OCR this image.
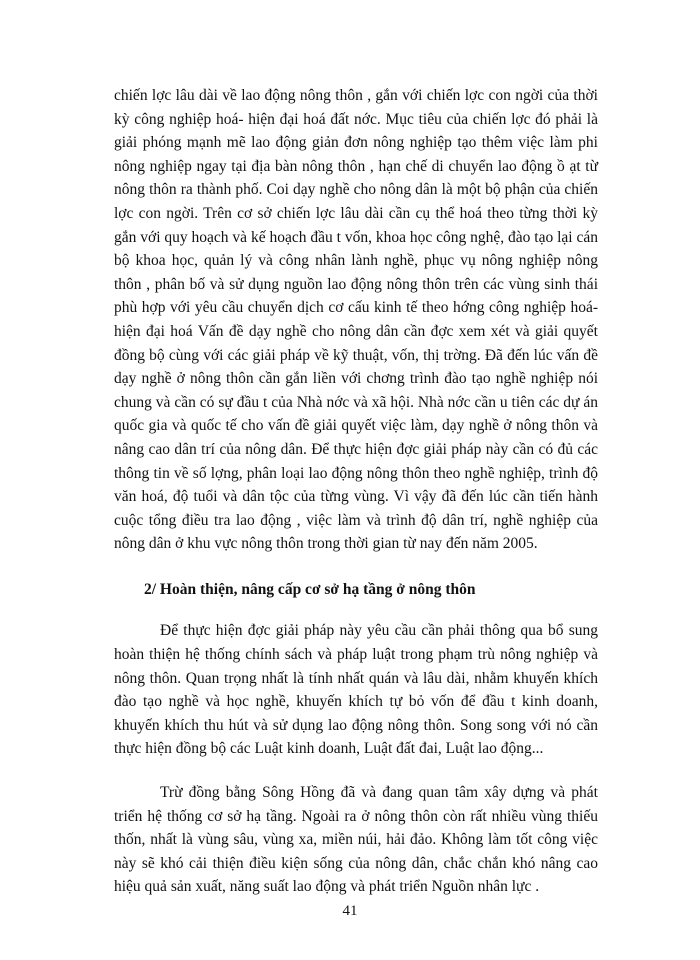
chiến lợc lâu dài về lao động nông thôn , gắn với chiến lợc con ngời của thời kỳ công nghiệp hoá- hiện đại hoá đất nớc. Mục tiêu của chiến lợc đó phải là giải phóng mạnh mẽ lao động giản đơn nông nghiệp tạo thêm việc làm phi nông nghiệp ngay tại địa bàn nông thôn , hạn chế di chuyển lao động ồ ạt từ nông thôn ra thành phố. Coi dạy nghề cho nông dân là một bộ phận của chiến lợc con ngời. Trên cơ sở chiến lợc lâu dài cần cụ thể hoá theo từng thời kỳ gắn với quy hoạch và kế hoạch đầu t vốn, khoa học công nghệ, đào tạo lại cán bộ khoa học, quản lý và công nhân lành nghề, phục vụ nông nghiệp nông thôn , phân bố và sử dụng nguồn lao động nông thôn trên các vùng sinh thái phù hợp với yêu cầu chuyển dịch cơ cấu kinh tế theo hớng công nghiệp hoá- hiện đại hoá Vấn đề dạy nghề cho nông dân cần đợc xem xét và giải quyết đồng bộ cùng với các giải pháp về kỹ thuật, vốn, thị trờng. Đã đến lúc vấn đề dạy nghề ở nông thôn cần gắn liền với chơng trình đào tạo nghề nghiệp nói chung và cần có sự đầu t của Nhà nớc và xã hội. Nhà nớc cần u tiên các dự án quốc gia và quốc tế cho vấn đề giải quyết việc làm, dạy nghề ở nông thôn và nâng cao dân trí của nông dân. Để thực hiện đợc giải pháp này cần có đủ các thông tin về số lợng, phân loại lao động nông thôn theo nghề nghiệp, trình độ văn hoá, độ tuổi và dân tộc của từng vùng. Vì vậy đã đến lúc cần tiến hành cuộc tổng điều tra lao động , việc làm và trình độ dân trí, nghề nghiệp của nông dân ở khu vực nông thôn trong thời gian từ nay đến năm 2005.

2/ Hoàn thiện, nâng cấp cơ sở hạ tầng ở nông thôn

Để thực hiện đợc giải pháp này yêu cầu cần phải thông qua bổ sung hoàn thiện hệ thống chính sách và pháp luật trong phạm trù nông nghiệp và nông thôn. Quan trọng nhất là tính nhất quán và lâu dài, nhằm khuyến khích đào tạo nghề và học nghề, khuyến khích tự bỏ vốn để đầu t kinh doanh, khuyến khích thu hút và sử dụng lao động nông thôn. Song song với nó cần thực hiện đồng bộ các Luật kinh doanh, Luật đất đai, Luật lao động...

Trừ đồng bằng Sông Hồng đã và đang quan tâm xây dựng và phát triển hệ thống cơ sở hạ tầng. Ngoài ra ở nông thôn còn rất nhiều vùng thiếu thốn, nhất là vùng sâu, vùng xa, miền núi, hải đảo. Không làm tốt công việc này sẽ khó cải thiện điều kiện sống của nông dân, chắc chắn khó nâng cao hiệu quả sản xuất, năng suất lao động và phát triển Nguồn nhân lực .

41
